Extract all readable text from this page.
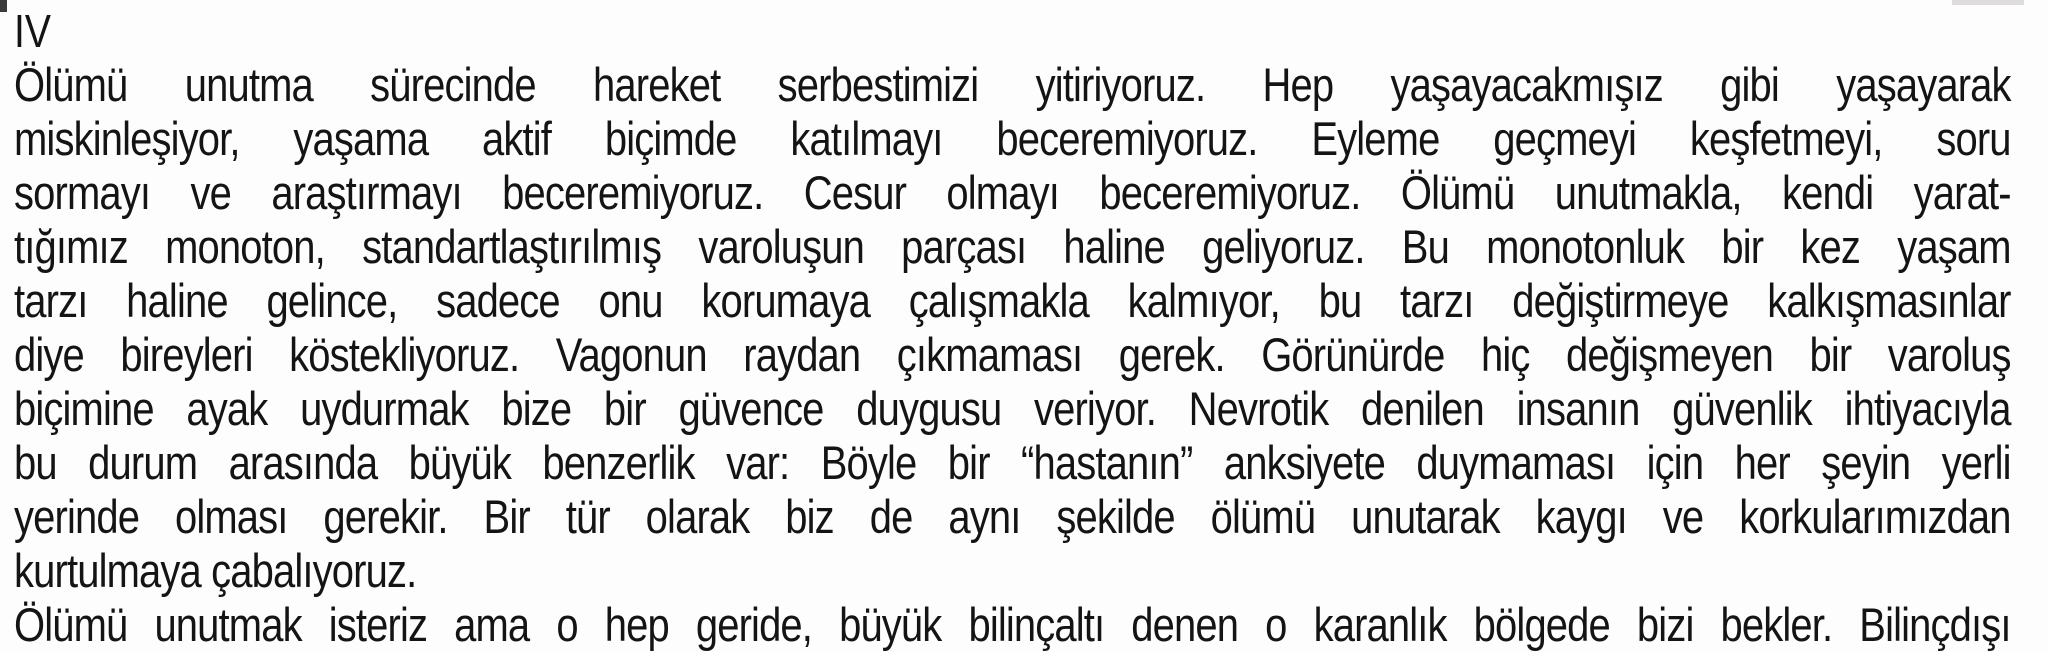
IV
Ölümü unutma sürecinde hareket serbestimizi yitiriyoruz. Hep yaşayacakmışız gibi yaşayarak
miskinleşiyor, yaşama aktif biçimde katılmayı beceremiyoruz. Eyleme geçmeyi keşfetmeyi, soru
sormayı ve araştırmayı beceremiyoruz. Cesur olmayı beceremiyoruz. Ölümü unutmakla, kendi yarat-
tığımız monoton, standartlaştırılmış varoluşun parçası haline geliyoruz. Bu monotonluk bir kez yaşam
tarzı haline gelince, sadece onu korumaya çalışmakla kalmıyor, bu tarzı değiştirmeye kalkışmasınlar
diye bireyleri köstekliyoruz. Vagonun raydan çıkmaması gerek. Görünürde hiç değişmeyen bir varoluş
biçimine ayak uydurmak bize bir güvence duygusu veriyor. Nevrotik denilen insanın güvenlik ihtiyacıyla
bu durum arasında büyük benzerlik var: Böyle bir “hastanın” anksiyete duymaması için her şeyin yerli
yerinde olması gerekir. Bir tür olarak biz de aynı şekilde ölümü unutarak kaygı ve korkularımızdan
kurtulmaya çabalıyoruz.
Ölümü unutmak isteriz ama o hep geride, büyük bilinçaltı denen o karanlık bölgede bizi bekler. Bilinçdışı
